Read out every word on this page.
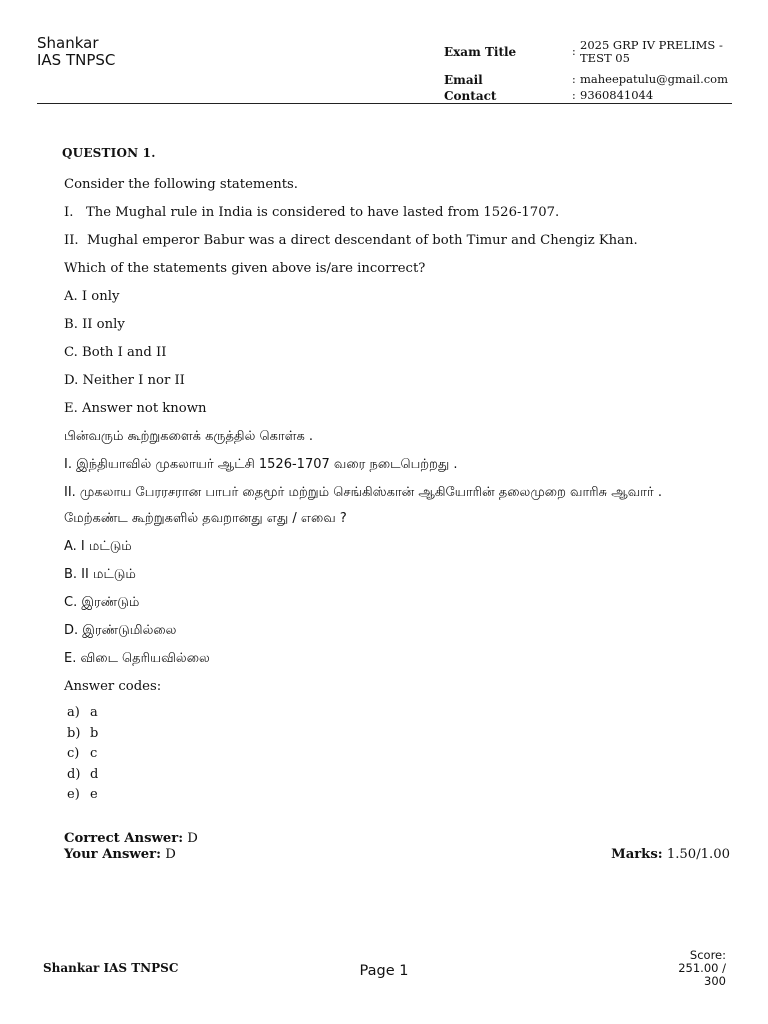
Shankar
IAS TNPSC	Exam Title	: 2025 GRP IV PRELIMS - TEST 05
Email	: maheepatulu@gmail.com
Contact	: 9360841044
QUESTION 1.
Consider the following statements.
I.   The Mughal rule in India is considered to have lasted from 1526-1707.
II.  Mughal emperor Babur was a direct descendant of both Timur and Chengiz Khan.
Which of the statements given above is/are incorrect?
A. I only
B. II only
C. Both I and II
D. Neither I nor II
E. Answer not known
பின்வரும் கூற்றுகளைக் கருத்தில் கொள்க .
I. இந்தியாவில் முகலாயர் ஆட்சி 1526-1707 வரை நடைபெற்றது .
II. முகலாய பேரரசரான பாபர் தைமூர் மற்றும் செங்கிஸ்கான் ஆகியோரின் தலைமுறை வாரிசு ஆவார் .
மேற்கண்ட கூற்றுகளில் தவறானது எது / எவை ?
A. I மட்டும்
B. II மட்டும்
C. இரண்டும்
D. இரண்டுமில்லை
E. விடை தெரியவில்லை
Answer codes:
a) a
b) b
c) c
d) d
e) e
Correct Answer: D
Your Answer: D	Marks: 1.50/1.00
Shankar IAS TNPSC	Page 1
Score:
251.00 /
300
